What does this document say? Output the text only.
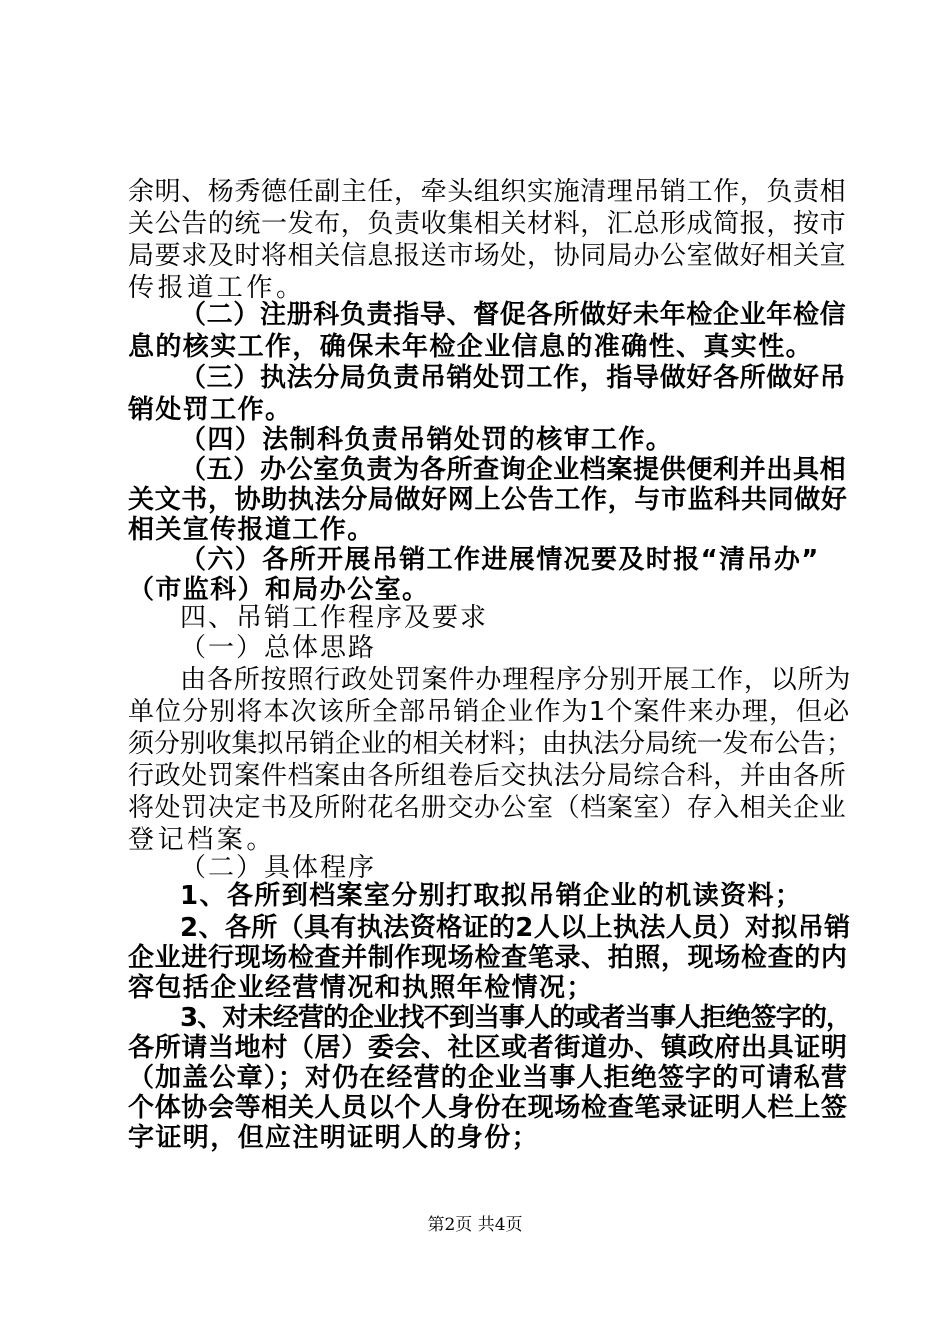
余明、杨秀德任副主任，牵头组织实施清理吊销工作，负责相
关公告的统一发布，负责收集相关材料，汇总形成简报，按市
局要求及时将相关信息报送市场处，协同局办公室做好相关宣
传报道工作。
（二）注册科负责指导、督促各所做好未年检企业年检信
息的核实工作，确保未年检企业信息的准确性、真实性。
（三）执法分局负责吊销处罚工作，指导做好各所做好吊
销处罚工作。
（四）法制科负责吊销处罚的核审工作。
（五）办公室负责为各所查询企业档案提供便利并出具相
关文书，协助执法分局做好网上公告工作，与市监科共同做好
相关宣传报道工作。
（六）各所开展吊销工作进展情况要及时报“清吊办”
（市监科）和局办公室。
四、吊销工作程序及要求
（一）总体思路
由各所按照行政处罚案件办理程序分别开展工作，以所为
单位分别将本次该所全部吊销企业作为1个案件来办理，但必
须分别收集拟吊销企业的相关材料；由执法分局统一发布公告；
行政处罚案件档案由各所组卷后交执法分局综合科，并由各所
将处罚决定书及所附花名册交办公室（档案室）存入相关企业
登记档案。
（二）具体程序
1、各所到档案室分别打取拟吊销企业的机读资料；
2、各所（具有执法资格证的2人以上执法人员）对拟吊销
企业进行现场检查并制作现场检查笔录、拍照，现场检查的内
容包括企业经营情况和执照年检情况；
3、对未经营的企业找不到当事人的或者当事人拒绝签字的，
各所请当地村（居）委会、社区或者街道办、镇政府出具证明
（加盖公章）；对仍在经营的企业当事人拒绝签字的可请私营
个体协会等相关人员以个人身份在现场检查笔录证明人栏上签
字证明，但应注明证明人的身份；
第2页 共4页
